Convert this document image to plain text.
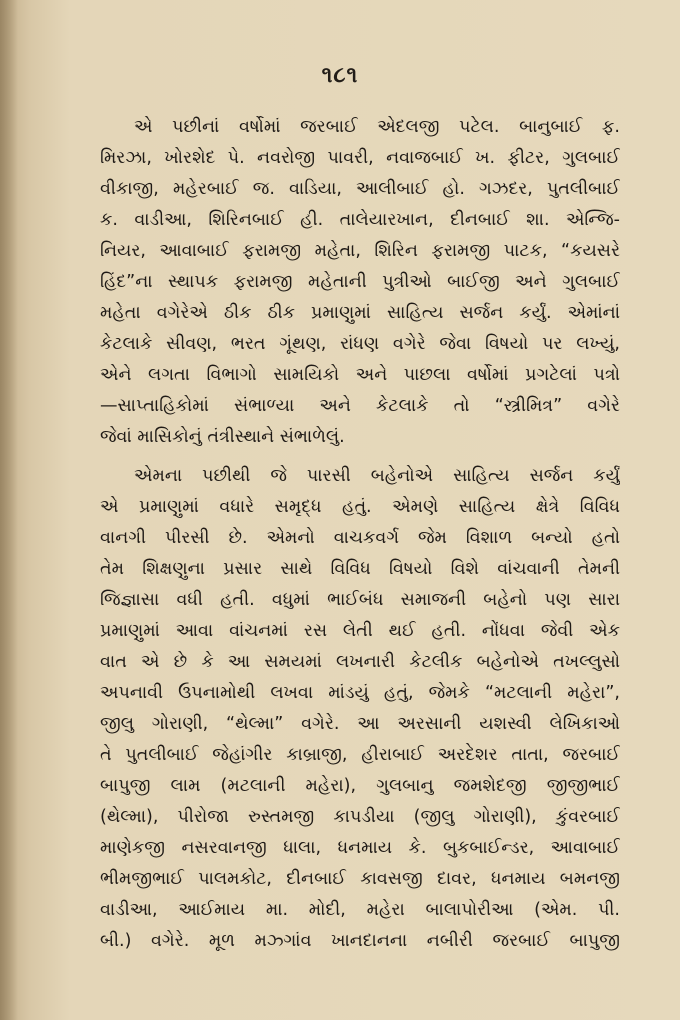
૧૮૧
એ પછીનાં વર્ષોમાં જરબાઈ એદલજી પટેલ. બાનુબાઈ ફ.
મિરઝા, ખોરશેદ પે. નવરોજી પાવરી, નવાજબાઈ ખ. ફીટર, ગુલબાઈ
વીકાજી, મહેરબાઈ જ. વાડિયા, આલીબાઈ હો. ગઝદર, પુતલીબાઈ
ક. વાડીઆ, શિરિનબાઈ હી. તાલેયારખાન, દીનબાઈ શા. એન્જિ-
નિયર, આવાબાઈ ફરામજી મહેતા, શિરિન ફરામજી પાટક, “કયસરે
હિંદ”ના સ્થાપક ફરામજી મહેતાની પુત્રીઓ બાઈજી અને ગુલબાઈ
મહેતા વગેરેએ ઠીક ઠીક પ્રમાણુમાં સાહિત્ય સર્જન કર્યું. એમાંનાં
કેટલાકે સીવણ, ભરત ગૂંથણ, રાંધણ વગેરે જેવા વિષયો પર લખ્યું,
એને લગતા વિભાગો સામયિકો અને પાછલા વર્ષોમાં પ્રગટેલાં પત્રો
—સાપ્તાહિકોમાં સંભાળ્યા અને કેટલાકે તો “સ્ત્રીમિત્ર” વગેરે
જેવાં માસિકોનું તંત્રીસ્થાને સંભાળેલું.
એમના પછીથી જે પારસી બહેનોએ સાહિત્ય સર્જન કર્યું
એ પ્રમાણુમાં વધારે સમૃદ્ધ હતું. એમણે સાહિત્ય ક્ષેત્રે વિવિધ
વાનગી પીરસી છે. એમનો વાચકવર્ગ જેમ વિશાળ બન્યો હતો
તેમ શિક્ષણુના પ્રસાર સાથે વિવિધ વિષયો વિશે વાંચવાની તેમની
જિજ્ઞાસા વધી હતી. વધુમાં ભાઈબંધ સમાજની બહેનો પણ સારા
પ્રમાણુમાં આવા વાંચનમાં રસ લેતી થઈ હતી. નોંધવા જેવી એક
વાત એ છે કે આ સમયમાં લખનારી કેટલીક બહેનોએ તખલ્લુસો
અપનાવી ઉપનામોથી લખવા માંડયું હતું, જેમકે “મટલાની મહેરા”,
જીલુ ગોરાણી, “થેલ્મા” વગેરે. આ અરસાની યશસ્વી લેખિકાઓ
તે પુતલીબાઈ જેહાંગીર કાબ્રાજી, હીરાબાઈ અરદેશર તાતા, જરબાઈ
બાપુજી લામ (મટલાની મહેરા), ગુલબાનુ જમશેદજી જીજીભાઈ
(થેલ્મા), પીરોજા રુસ્તમજી કાપડીયા (જીલુ ગોરાણી), કુંવરબાઈ
માણેકજી નસરવાનજી ધાલા, ધનમાય કે. બુકબાઈન્ડર, આવાબાઈ
ભીમજીભાઈ પાલમકોટ, દીનબાઈ કાવસજી દાવર, ધનમાય બમનજી
વાડીઆ, આઈમાય મા. મોદી, મહેરા બાલાપોરીઆ (એમ. પી.
બી.) વગેરે. મૂળ મઝ્ગાંવ ખાનદાનના નબીરી જરબાઈ બાપુજી
